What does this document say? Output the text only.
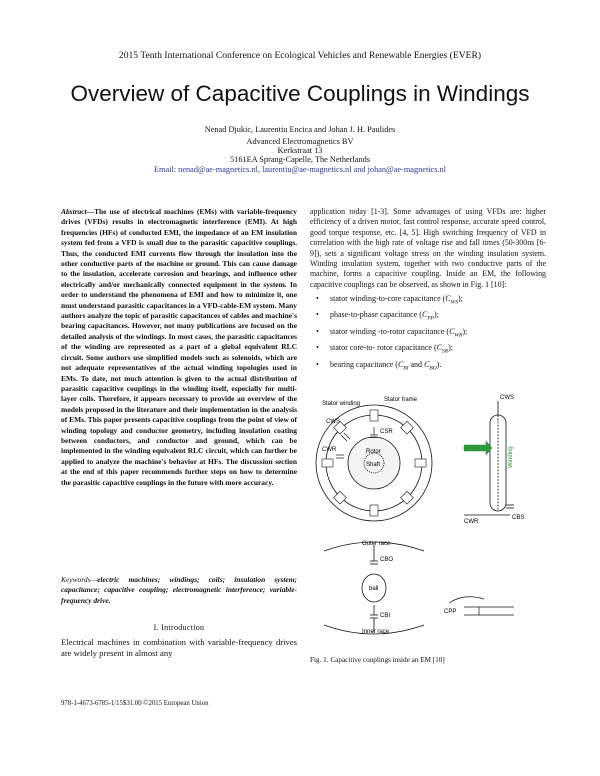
2015 Tenth International Conference on Ecological Vehicles and Renewable Energies (EVER)
Overview of Capacitive Couplings in Windings
Nenad Djukic, Laurentiu Encica and Johan J. H. Paulides
Advanced Electromagnetics BV
Kerkstraat 13
5161EA Sprang-Capelle, The Netherlands
Email: nenad@ae-magnetics.nl, laurentiu@ae-magnetics.nl and johan@ae-magnetics.nl
Abstract—The use of electrical machines (EMs) with variable-frequency drives (VFDs) results in electromagnetic interference (EMI). At high frequencies (HFs) of conducted EMI, the impedance of an EM insulation system fed from a VFD is small due to the parasitic capacitive couplings. Thus, the conducted EMI currents flow through the insulation into the other conductive parts of the machine or ground. This can cause damage to the insulation, accelerate corrosion and bearings, and influence other electrically and/or mechanically connected equipment in the system. In order to understand the phenomena of EMI and how to minimize it, one must understand parasitic capacitances in a VFD-cable-EM system. Many authors analyze the topic of parasitic capacitances of cables and machine's bearing capacitances. However, not many publications are focused on the detailed analysis of the windings. In most cases, the parasitic capacitances of the winding are represented as a part of a global equivalent RLC circuit. Some authors use simplified models such as solenoids, which are not adequate representatives of the actual winding topologies used in EMs. To date, not much attention is given to the actual distribution of parasitic capacitive couplings in the winding itself, especially for multi-layer coils. Therefore, it appears necessary to provide an overview of the models proposed in the literature and their implementation in the analysis of EMs. This paper presents capacitive couplings from the point of view of winding topology and conductor geometry, including insulation coating between conductors, and conductor and ground, which can be implemented in the winding equivalent RLC circuit, which can further be applied to analyze the machine's behavior at HFs. The discussion section at the end of this paper recommends further steps on how to determine the parasitic capacitive couplings in the future with more accuracy.
Keywords—electric machines; windings; coils; insulation system; capacitance; capacitive coupling; electromagnetic interference; variable-frequency drive.
I. Introduction
Electrical machines in combination with variable-frequency drives are widely present in almost any
application today [1-3]. Some advantages of using VFDs are: higher efficiency of a driven motor, fast control response, accurate speed control, good torque response, etc. [4, 5]. High switching frequency of VFD in correlation with the high rate of voltage rise and fall times (50-300ns [6-9]), sets a significant voltage stress on the winding insulation system. Winding insulation system, together with two conductive parts of the machine, forms a capacitive coupling. Inside an EM, the following capacitive couplings can be observed, as shown in Fig. 1 [10]:
• stator winding-to-core capacitance $(C_{WS})$;
• phase-to-phase capacitance $(C_{PP})$;
• stator winding -to-rotor capacitance $(C_{WR})$;
• stator core-to- rotor capacitance $(C_{SR})$;
• bearing capacitance ($C_{BI}$ and $C_{BO}$).
Stator winding
Stator frame
Rotor
Shaft
CWS
CWR
CSR
Winding
CWS
CWR
CBS
Outer race
CBO
ball
CBI
Inner race
CPP
Fig. 1. Capacitive couplings inside an EM [10]
978-1-4673-6785-1/15$31.00 ©2015 European Union
